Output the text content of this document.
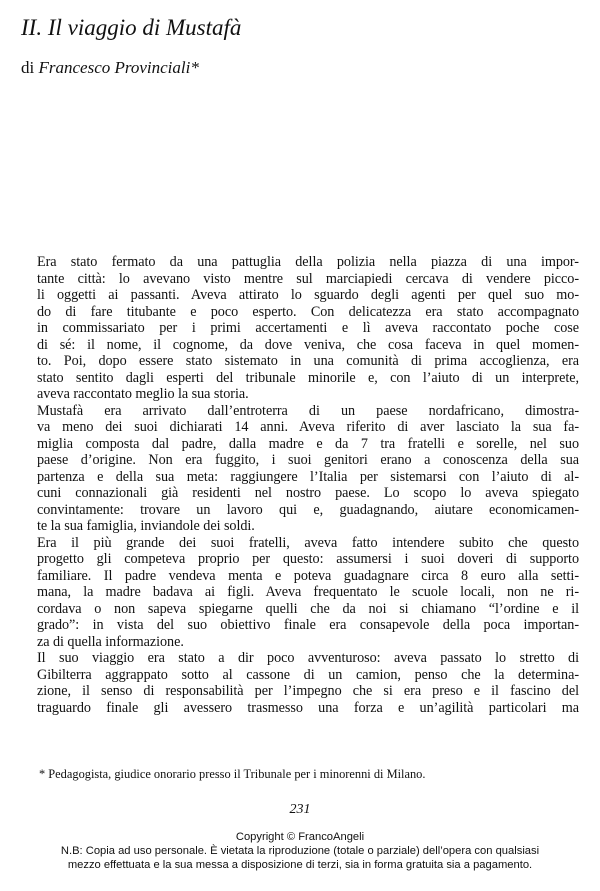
II. Il viaggio di Mustafà
di Francesco Provinciali*

Era stato fermato da una pattuglia della polizia nella piazza di una impor-
tante città: lo avevano visto mentre sul marciapiedi cercava di vendere picco-
li oggetti ai passanti. Aveva attirato lo sguardo degli agenti per quel suo mo-
do di fare titubante e poco esperto. Con delicatezza era stato accompagnato
in commissariato per i primi accertamenti e lì aveva raccontato poche cose
di sé: il nome, il cognome, da dove veniva, che cosa faceva in quel momen-
to. Poi, dopo essere stato sistemato in una comunità di prima accoglienza, era
stato sentito dagli esperti del tribunale minorile e, con l’aiuto di un interprete,
aveva raccontato meglio la sua storia.

Mustafà era arrivato dall’entroterra di un paese nordafricano, dimostra-
va meno dei suoi dichiarati 14 anni. Aveva riferito di aver lasciato la sua fa-
miglia composta dal padre, dalla madre e da 7 tra fratelli e sorelle, nel suo
paese d’origine. Non era fuggito, i suoi genitori erano a conoscenza della sua
partenza e della sua meta: raggiungere l’Italia per sistemarsi con l’aiuto di al-
cuni connazionali già residenti nel nostro paese. Lo scopo lo aveva spiegato
convintamente: trovare un lavoro qui e, guadagnando, aiutare economicamen-
te la sua famiglia, inviandole dei soldi.

Era il più grande dei suoi fratelli, aveva fatto intendere subito che questo
progetto gli competeva proprio per questo: assumersi i suoi doveri di supporto
familiare. Il padre vendeva menta e poteva guadagnare circa 8 euro alla setti-
mana, la madre badava ai figli. Aveva frequentato le scuole locali, non ne ri-
cordava o non sapeva spiegarne quelli che da noi si chiamano “l’ordine e il
grado”: in vista del suo obiettivo finale era consapevole della poca importan-
za di quella informazione.

Il suo viaggio era stato a dir poco avventuroso: aveva passato lo stretto di
Gibilterra aggrappato sotto al cassone di un camion, penso che la determina-
zione, il senso di responsabilità per l’impegno che si era preso e il fascino del
traguardo finale gli avessero trasmesso una forza e un’agilità particolari ma

* Pedagogista, giudice onorario presso il Tribunale per i minorenni di Milano.
231
Copyright © FrancoAngeli
N.B: Copia ad uso personale. È vietata la riproduzione (totale o parziale) dell’opera con qualsiasi
mezzo effettuata e la sua messa a disposizione di terzi, sia in forma gratuita sia a pagamento.
